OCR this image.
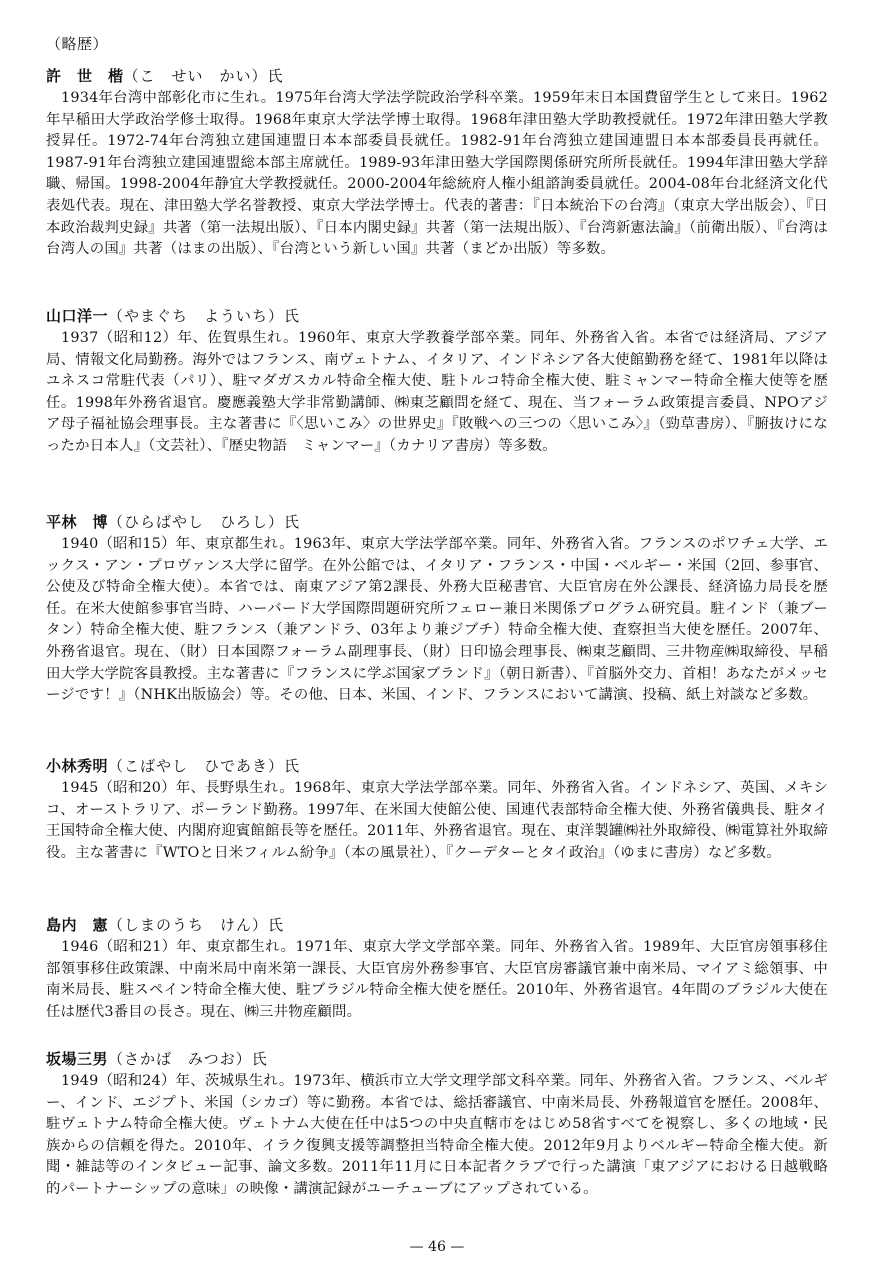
（略歴）
許　世　楷（こ　せい　かい）氏

1934年台湾中部彰化市に生れ。1975年台湾大学法学院政治学科卒業。1959年末日本国費留学生として来日。1962年早稲田大学政治学修士取得。1968年東京大学法学博士取得。1968年津田塾大学助教授就任。1972年津田塾大学教授昇任。1972-74年台湾独立建国連盟日本本部委員長就任。1982-91年台湾独立建国連盟日本本部委員長再就任。1987-91年台湾独立建国連盟総本部主席就任。1989-93年津田塾大学国際関係研究所所長就任。1994年津田塾大学辞職、帰国。1998-2004年静宜大学教授就任。2000-2004年総統府人権小組諮詢委員就任。2004-08年台北経済文化代表処代表。現在、津田塾大学名誉教授、東京大学法学博士。代表的著書：『日本統治下の台湾』（東京大学出版会）、『日本政治裁判史録』共著（第一法規出版）、『日本内閣史録』共著（第一法規出版）、『台湾新憲法論』（前衛出版）、『台湾は台湾人の国』共著（はまの出版）、『台湾という新しい国』共著（まどか出版）等多数。

山口洋一（やまぐち　よういち）氏

1937（昭和12）年、佐賀県生れ。1960年、東京大学教養学部卒業。同年、外務省入省。本省では経済局、アジア局、情報文化局勤務。海外ではフランス、南ヴェトナム、イタリア、インドネシア各大使館勤務を経て、1981年以降はユネスコ常駐代表（パリ）、駐マダガスカル特命全権大使、駐トルコ特命全権大使、駐ミャンマー特命全権大使等を歴任。1998年外務省退官。慶應義塾大学非常勤講師、㈱東芝顧問を経て、現在、当フォーラム政策提言委員、NPOアジア母子福祉協会理事長。主な著書に『〈思いこみ〉の世界史』『敗戦への三つの〈思いこみ〉』（勁草書房）、『腑抜けになったか日本人』（文芸社）、『歴史物語　ミャンマー』（カナリア書房）等多数。

平林　博（ひらばやし　ひろし）氏

1940（昭和15）年、東京都生れ。1963年、東京大学法学部卒業。同年、外務省入省。フランスのポワチェ大学、エックス・アン・プロヴァンス大学に留学。在外公館では、イタリア・フランス・中国・ベルギー・米国（2回、参事官、公使及び特命全権大使）。本省では、南東アジア第2課長、外務大臣秘書官、大臣官房在外公課長、経済協力局長を歴任。在米大使館参事官当時、ハーバード大学国際問題研究所フェロー兼日米関係プログラム研究員。駐インド（兼ブータン）特命全権大使、駐フランス（兼アンドラ、03年より兼ジブチ）特命全権大使、査察担当大使を歴任。2007年、外務省退官。現在、（財）日本国際フォーラム副理事長、（財）日印協会理事長、㈱東芝顧問、三井物産㈱取締役、早稲田大学大学院客員教授。主な著書に『フランスに学ぶ国家ブランド』（朝日新書）、『首脳外交力、首相！あなたがメッセージです！』（NHK出版協会）等。その他、日本、米国、インド、フランスにおいて講演、投稿、紙上対談など多数。

小林秀明（こばやし　ひであき）氏

1945（昭和20）年、長野県生れ。1968年、東京大学法学部卒業。同年、外務省入省。インドネシア、英国、メキシコ、オーストラリア、ポーランド勤務。1997年、在米国大使館公使、国連代表部特命全権大使、外務省儀典長、駐タイ王国特命全権大使、内閣府迎賓館館長等を歴任。2011年、外務省退官。現在、東洋製罐㈱社外取締役、㈱電算社外取締役。主な著書に『WTOと日米フィルム紛争』（本の風景社）、『クーデターとタイ政治』（ゆまに書房）など多数。

島内　憲（しまのうち　けん）氏

1946（昭和21）年、東京都生れ。1971年、東京大学文学部卒業。同年、外務省入省。1989年、大臣官房領事移住部領事移住政策課、中南米局中南米第一課長、大臣官房外務参事官、大臣官房審議官兼中南米局、マイアミ総領事、中南米局長、駐スペイン特命全権大使、駐ブラジル特命全権大使を歴任。2010年、外務省退官。4年間のブラジル大使在任は歴代3番目の長さ。現在、㈱三井物産顧問。

坂場三男（さかば　みつお）氏

1949（昭和24）年、茨城県生れ。1973年、横浜市立大学文理学部文科卒業。同年、外務省入省。フランス、ベルギー、インド、エジプト、米国（シカゴ）等に勤務。本省では、総括審議官、中南米局長、外務報道官を歴任。2008年、駐ヴェトナム特命全権大使。ヴェトナム大使在任中は5つの中央直轄市をはじめ58省すべてを視察し、多くの地域・民族からの信頼を得た。2010年、イラク復興支援等調整担当特命全権大使。2012年9月よりベルギー特命全権大使。新聞・雑誌等のインタビュー記事、論文多数。2011年11月に日本記者クラブで行った講演「東アジアにおける日越戦略的パートナーシップの意味」の映像・講演記録がユーチューブにアップされている。

— 46 —
